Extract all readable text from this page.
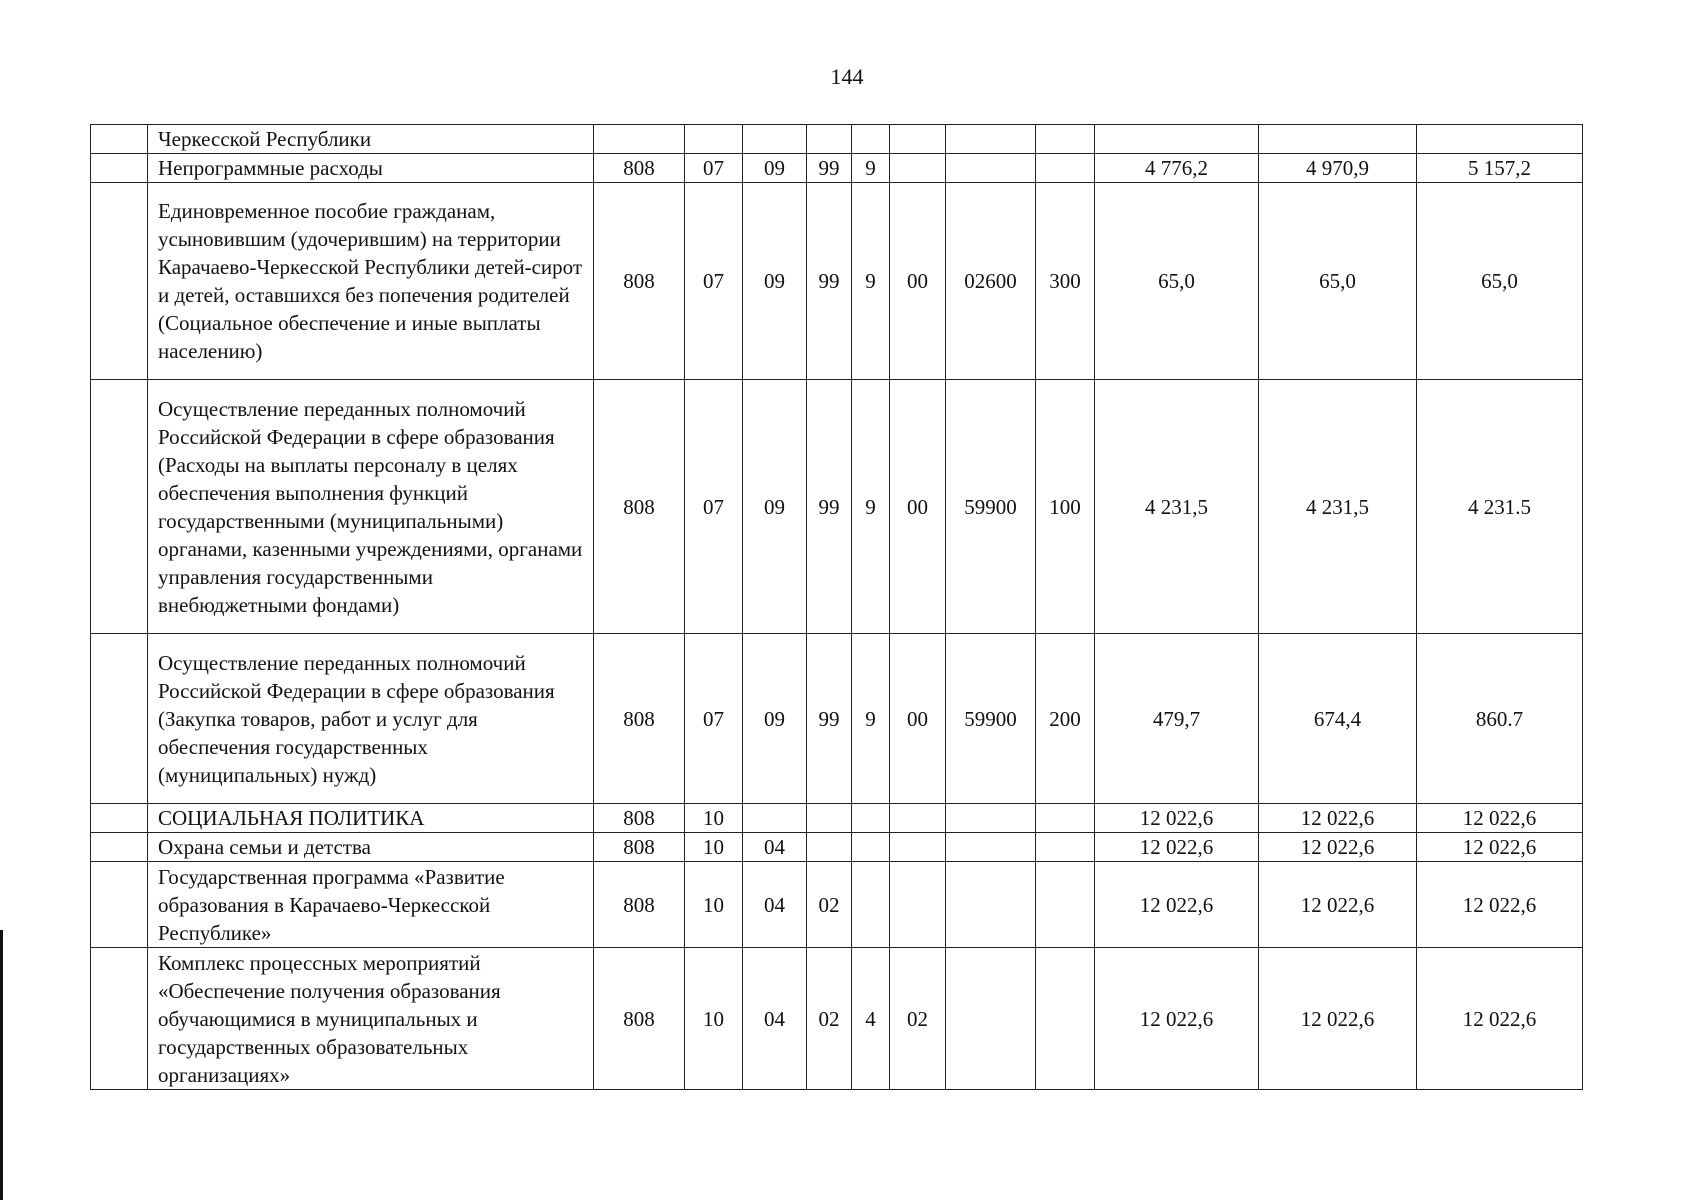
144
	Черкесской Республики											
	Непрограммные расходы	808	07	09	99	9				4 776,2	4 970,9	5 157,2
	Единовременное пособие гражданам, усыновившим (удочерившим) на территории Карачаево-Черкесской Республики детей-сирот и детей, оставшихся без попечения родителей (Социальное обеспечение и иные выплаты населению)	808	07	09	99	9	00	02600	300	65,0	65,0	65,0
	Осуществление переданных полномочий Российской Федерации в сфере образования (Расходы на выплаты персоналу в целях обеспечения выполнения функций государственными (муниципальными) органами, казенными учреждениями, органами управления государственными внебюджетными фондами)	808	07	09	99	9	00	59900	100	4 231,5	4 231,5	4 231.5
	Осуществление переданных полномочий Российской Федерации в сфере образования (Закупка товаров, работ и услуг для обеспечения государственных (муниципальных) нужд)	808	07	09	99	9	00	59900	200	479,7	674,4	860.7
	СОЦИАЛЬНАЯ ПОЛИТИКА	808	10							12 022,6	12 022,6	12 022,6
	Охрана семьи и детства	808	10	04						12 022,6	12 022,6	12 022,6
	Государственная программа «Развитие образования в Карачаево-Черкесской Республике»	808	10	04	02					12 022,6	12 022,6	12 022,6
	Комплекс процессных мероприятий «Обеспечение получения образования обучающимися в муниципальных и государственных образовательных организациях»	808	10	04	02	4	02			12 022,6	12 022,6	12 022,6
